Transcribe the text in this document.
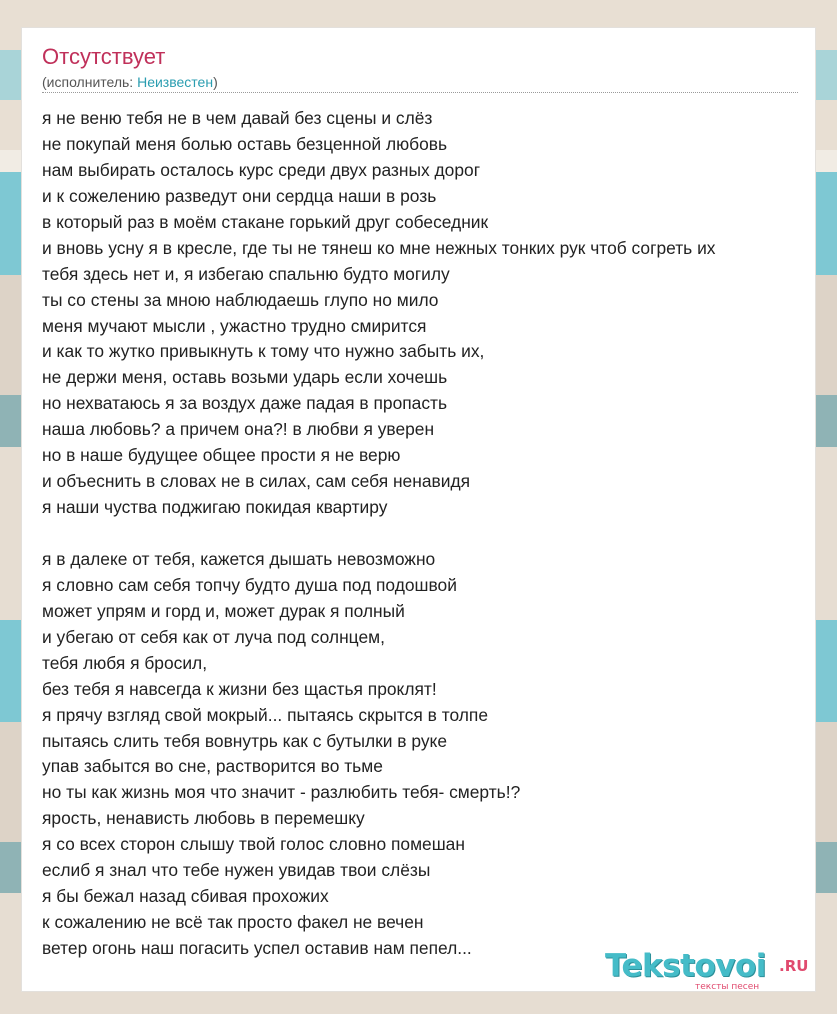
Отсутствует
(исполнитель: Неизвестен)
я не веню тебя не в чем давай без сцены и слёз
не покупай меня болью оставь безценной любовь
нам выбирать осталось курс среди двух разных дорог
и к сожелению разведут они сердца наши в розь
в который раз в моём стакане горький друг собеседник
и вновь усну я в кресле, где ты не тянеш ко мне нежных тонких рук чтоб согреть их
тебя здесь нет и, я избегаю спальню будто могилу
ты со стены за мною наблюдаешь глупо но мило
меня мучают мысли , ужастно трудно смирится
и как то жутко привыкнуть к тому что нужно забыть их,
не держи меня, оставь возьми ударь если хочешь
но нехватаюсь я за воздух даже падая в пропасть
наша любовь? а причем она?! в любви я уверен
но в наше будущее общее прости я не верю
и объеснить в словах не в силах, сам себя ненавидя
я наши чуства поджигаю покидая квартиру
я в далеке от тебя, кажется дышать невозможно
я словно сам себя топчу будто душа под подошвой
может упрям и горд и, может дурак я полный
и убегаю от себя как от луча под солнцем,
тебя любя я бросил,
без тебя я навсегда к жизни без щастья проклят!
я прячу взгляд свой мокрый... пытаясь скрытся в толпе
пытаясь слить тебя вовнутрь как с бутылки в руке
упав забытся во сне, растворится во тьме
но ты как жизнь моя что значит - разлюбить тебя- смерть!?
ярость, ненависть любовь в перемешку
я со всех сторон слышу твой голос словно помешан
еслиб я знал что тебе нужен увидав твои слёзы
я бы бежал назад сбивая прохожих
к сожалению не всё так просто факел не вечен
ветер огонь наш погасить успел оставив нам пепел...	Tekstovoi .RU
тексты песен
